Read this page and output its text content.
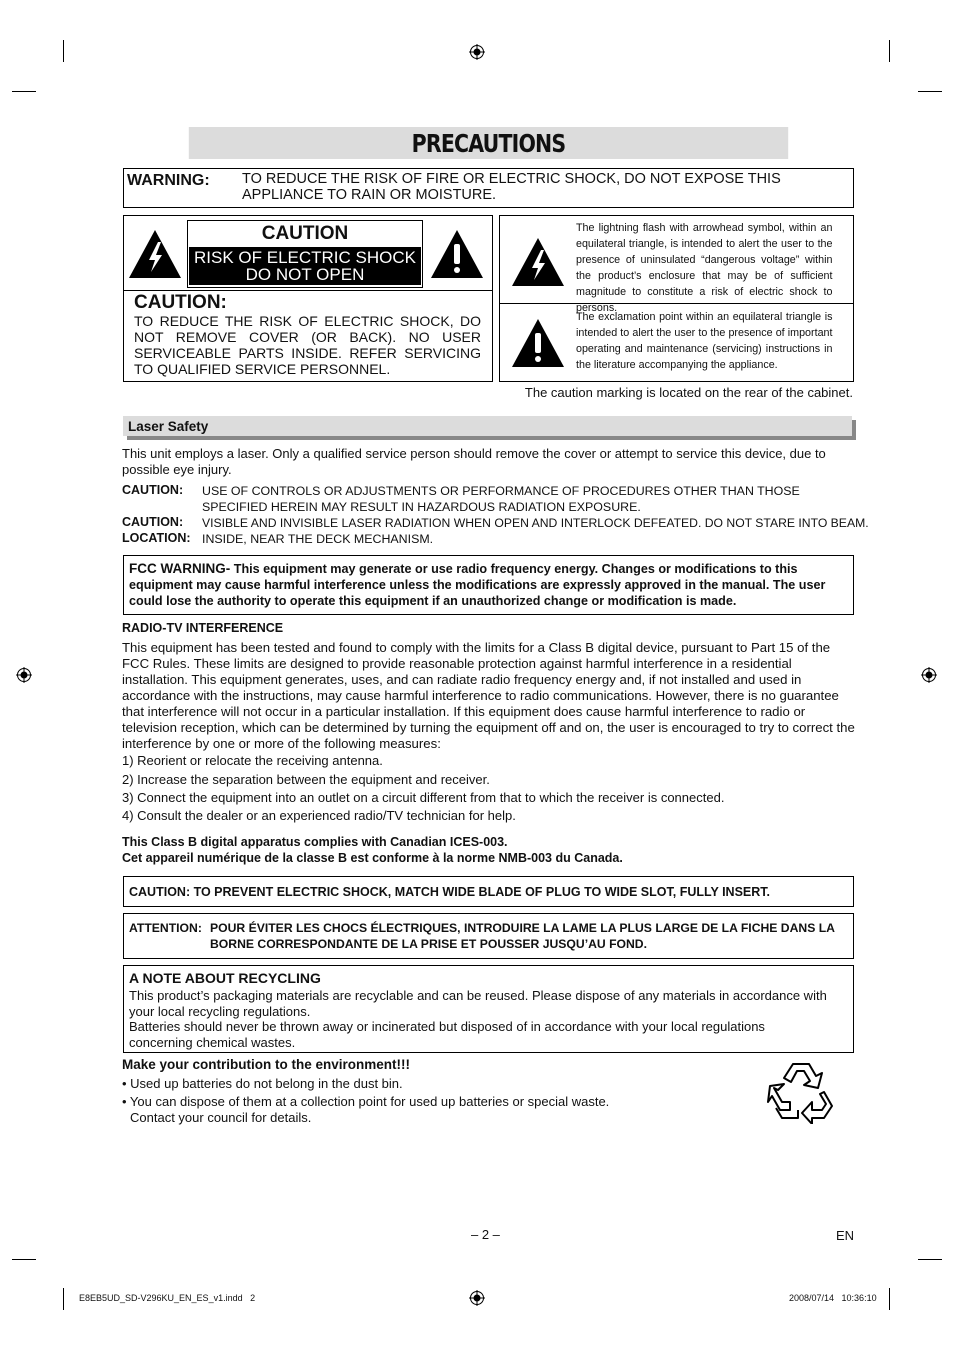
PRECAUTIONS
WARNING: TO REDUCE THE RISK OF FIRE OR ELECTRIC SHOCK, DO NOT EXPOSE THIS APPLIANCE TO RAIN OR MOISTURE.
CAUTION
RISK OF ELECTRIC SHOCK
DO NOT OPEN
CAUTION:
TO REDUCE THE RISK OF ELECTRIC SHOCK, DO NOT REMOVE COVER (OR BACK). NO USER SERVICEABLE PARTS INSIDE. REFER SERVICING TO QUALIFIED SERVICE PERSONNEL.
The lightning flash with arrowhead symbol, within an equilateral triangle, is intended to alert the user to the presence of uninsulated “dangerous voltage” within the product’s enclosure that may be of sufficient magnitude to constitute a risk of electric shock to persons.
The exclamation point within an equilateral triangle is intended to alert the user to the presence of important operating and maintenance (servicing) instructions in the literature accompanying the appliance.
The caution marking is located on the rear of the cabinet.
Laser Safety
This unit employs a laser. Only a qualified service person should remove the cover or attempt to service this device, due to possible eye injury.
CAUTION: USE OF CONTROLS OR ADJUSTMENTS OR PERFORMANCE OF PROCEDURES OTHER THAN THOSE SPECIFIED HEREIN MAY RESULT IN HAZARDOUS RADIATION EXPOSURE.
CAUTION: VISIBLE AND INVISIBLE LASER RADIATION WHEN OPEN AND INTERLOCK DEFEATED. DO NOT STARE INTO BEAM.
LOCATION: INSIDE, NEAR THE DECK MECHANISM.
FCC WARNING- This equipment may generate or use radio frequency energy. Changes or modifications to this equipment may cause harmful interference unless the modifications are expressly approved in the manual. The user could lose the authority to operate this equipment if an unauthorized change or modification is made.
RADIO-TV INTERFERENCE
This equipment has been tested and found to comply with the limits for a Class B digital device, pursuant to Part 15 of the FCC Rules. These limits are designed to provide reasonable protection against harmful interference in a residential installation. This equipment generates, uses, and can radiate radio frequency energy and, if not installed and used in accordance with the instructions, may cause harmful interference to radio communications. However, there is no guarantee that interference will not occur in a particular installation. If this equipment does cause harmful interference to radio or television reception, which can be determined by turning the equipment off and on, the user is encouraged to try to correct the interference by one or more of the following measures:
1) Reorient or relocate the receiving antenna.
2) Increase the separation between the equipment and receiver.
3) Connect the equipment into an outlet on a circuit different from that to which the receiver is connected.
4) Consult the dealer or an experienced radio/TV technician for help.
This Class B digital apparatus complies with Canadian ICES-003.
Cet appareil numérique de la classe B est conforme à la norme NMB-003 du Canada.
CAUTION: TO PREVENT ELECTRIC SHOCK, MATCH WIDE BLADE OF PLUG TO WIDE SLOT, FULLY INSERT.
ATTENTION: POUR ÉVITER LES CHOCS ÉLECTRIQUES, INTRODUIRE LA LAME LA PLUS LARGE DE LA FICHE DANS LA
BORNE CORRESPONDANTE DE LA PRISE ET POUSSER JUSQU’AU FOND.
A NOTE ABOUT RECYCLING
This product’s packaging materials are recyclable and can be reused. Please dispose of any materials in accordance with your local recycling regulations.
Batteries should never be thrown away or incinerated but disposed of in accordance with your local regulations concerning chemical wastes.
Make your contribution to the environment!!!
• Used up batteries do not belong in the dust bin.
• You can dispose of them at a collection point for used up batteries or special waste.
Contact your council for details.
– 2 –	EN
E8EB5UD_SD-V296KU_EN_ES_v1.indd   2	2008/07/14   10:36:10
